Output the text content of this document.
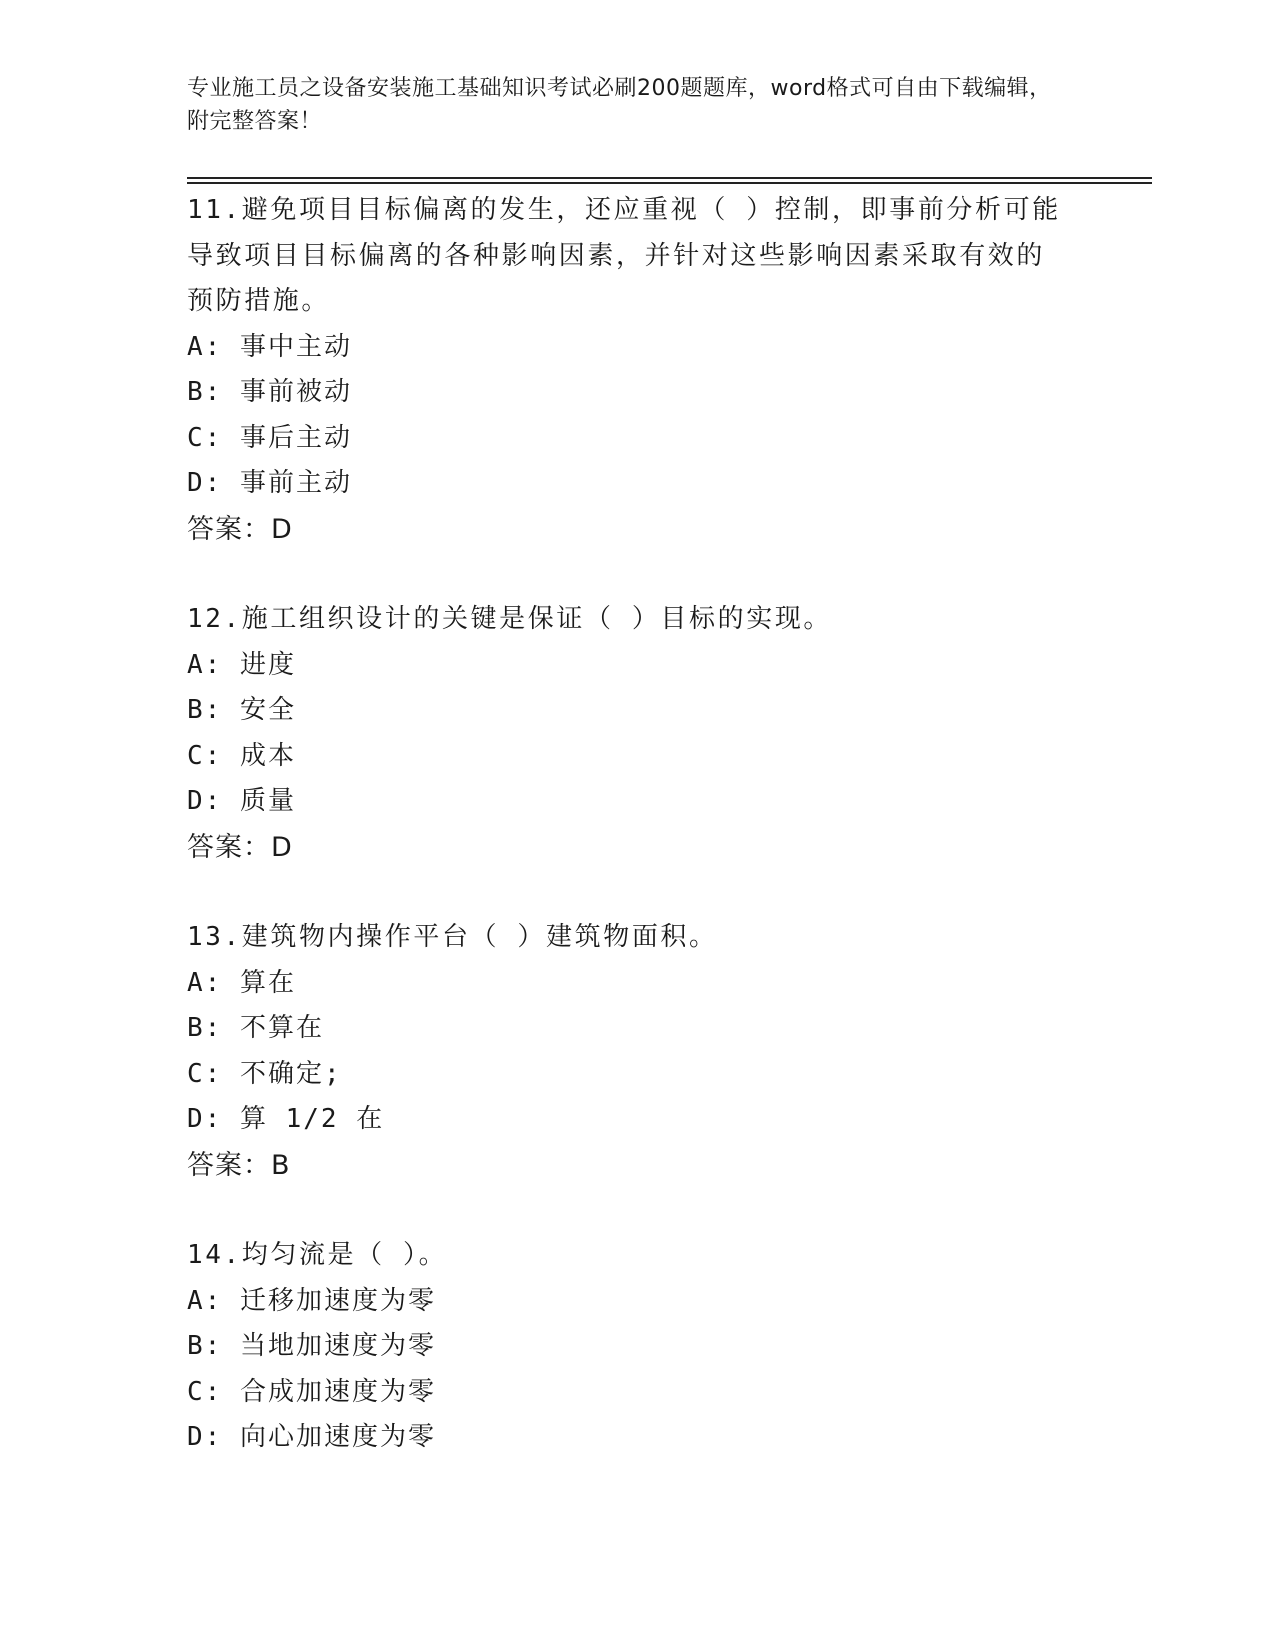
专业施工员之设备安装施工基础知识考试必刷200题题库，word格式可自由下载编辑，附完整答案！
11.避免项目目标偏离的发生，还应重视（ ）控制，即事前分析可能导致项目目标偏离的各种影响因素，并针对这些影响因素采取有效的预防措施。
A: 事中主动
B: 事前被动
C: 事后主动
D: 事前主动
答案：D
12.施工组织设计的关键是保证（ ）目标的实现。
A: 进度
B: 安全
C: 成本
D: 质量
答案：D
13.建筑物内操作平台（ ）建筑物面积。
A: 算在
B: 不算在
C: 不确定;
D: 算 1/2 在
答案：B
14.均匀流是（ ）。
A: 迁移加速度为零
B: 当地加速度为零
C: 合成加速度为零
D: 向心加速度为零
